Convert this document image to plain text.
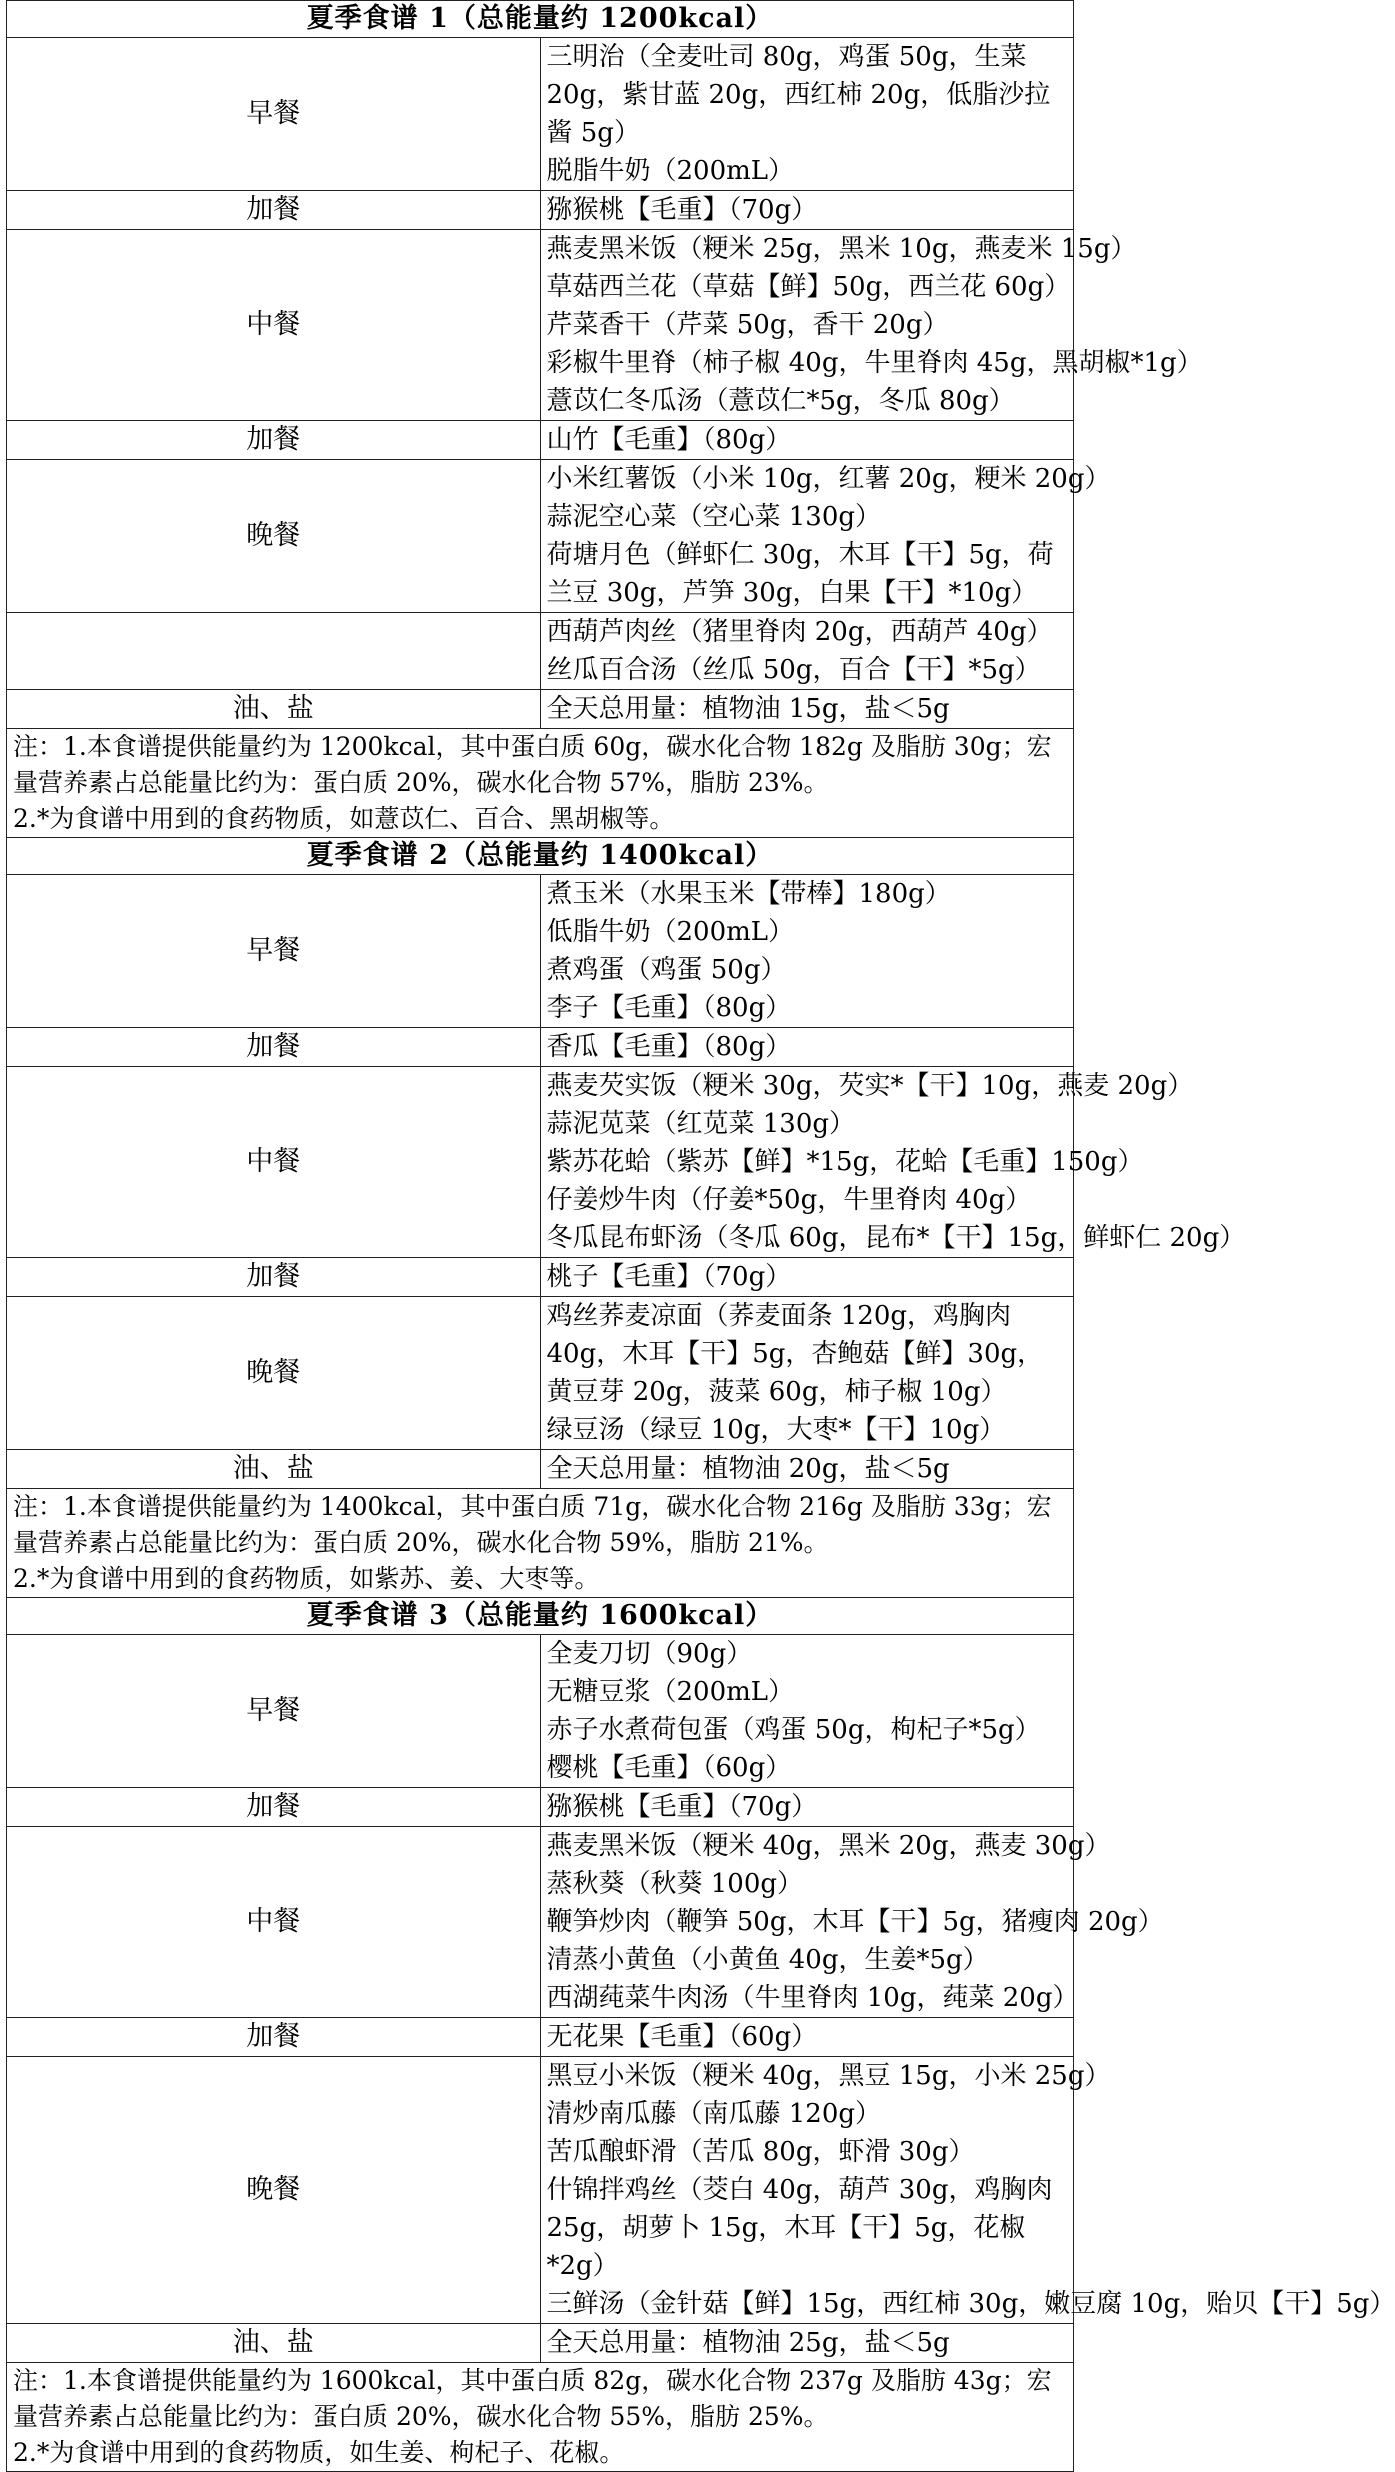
夏季食谱 1（总能量约 1200kcal）	
早餐	三明治（全麦吐司 80g，鸡蛋 50g，生菜 20g，紫甘蓝 20g，西红柿 20g，低脂沙拉酱 5g）
脱脂牛奶（200mL）

加餐	猕猴桃【毛重】（70g）

中餐	燕麦黑米饭（粳米 25g，黑米 10g，燕麦米 15g）
草菇西兰花（草菇【鲜】50g，西兰花 60g）
芹菜香干（芹菜 50g，香干 20g）
彩椒牛里脊（柿子椒 40g，牛里脊肉 45g，黑胡椒*1g）
薏苡仁冬瓜汤（薏苡仁*5g，冬瓜 80g）

加餐	山竹【毛重】（80g）

晚餐	小米红薯饭（小米 10g，红薯 20g，粳米 20g）
蒜泥空心菜（空心菜 130g）
荷塘月色（鲜虾仁 30g，木耳【干】5g，荷兰豆 30g，芦笋 30g，白果【干】*10g）

	西葫芦肉丝（猪里脊肉 20g，西葫芦 40g）
丝瓜百合汤（丝瓜 50g，百合【干】*5g）

油、盐	全天总用量：植物油 15g，盐＜5g

注：1.本食谱提供能量约为 1200kcal，其中蛋白质 60g，碳水化合物 182g 及脂肪 30g；宏量营养素占总能量比约为：蛋白质 20%，碳水化合物 57%，脂肪 23%。
2.*为食谱中用到的食药物质，如薏苡仁、百合、黑胡椒等。	

夏季食谱 2（总能量约 1400kcal）	
早餐	煮玉米（水果玉米【带棒】180g）
低脂牛奶（200mL）
煮鸡蛋（鸡蛋 50g）
李子【毛重】（80g）

加餐	香瓜【毛重】（80g）

中餐	燕麦芡实饭（粳米 30g，芡实*【干】10g，燕麦 20g）
蒜泥苋菜（红苋菜 130g）
紫苏花蛤（紫苏【鲜】*15g，花蛤【毛重】150g）
仔姜炒牛肉（仔姜*50g，牛里脊肉 40g）
冬瓜昆布虾汤（冬瓜 60g，昆布*【干】15g，鲜虾仁 20g）

加餐	桃子【毛重】（70g）

晚餐	鸡丝荞麦凉面（荞麦面条 120g，鸡胸肉 40g，木耳【干】5g，杏鲍菇【鲜】30g，黄豆芽 20g，菠菜 60g，柿子椒 10g）
绿豆汤（绿豆 10g，大枣*【干】10g）

油、盐	全天总用量：植物油 20g，盐＜5g

注：1.本食谱提供能量约为 1400kcal，其中蛋白质 71g，碳水化合物 216g 及脂肪 33g；宏量营养素占总能量比约为：蛋白质 20%，碳水化合物 59%，脂肪 21%。
2.*为食谱中用到的食药物质，如紫苏、姜、大枣等。	

夏季食谱 3（总能量约 1600kcal）	
早餐	全麦刀切（90g）
无糖豆浆（200mL）
赤子水煮荷包蛋（鸡蛋 50g，枸杞子*5g）
樱桃【毛重】（60g）

加餐	猕猴桃【毛重】（70g）

中餐	燕麦黑米饭（粳米 40g，黑米 20g，燕麦 30g）
蒸秋葵（秋葵 100g）
鞭笋炒肉（鞭笋 50g，木耳【干】5g，猪瘦肉 20g）
清蒸小黄鱼（小黄鱼 40g，生姜*5g）
西湖莼菜牛肉汤（牛里脊肉 10g，莼菜 20g）

加餐	无花果【毛重】（60g）

晚餐	黑豆小米饭（粳米 40g，黑豆 15g，小米 25g）
清炒南瓜藤（南瓜藤 120g）
苦瓜酿虾滑（苦瓜 80g，虾滑 30g）
什锦拌鸡丝（茭白 40g，葫芦 30g，鸡胸肉 25g，胡萝卜 15g，木耳【干】5g，花椒*2g）
三鲜汤（金针菇【鲜】15g，西红柿 30g，嫩豆腐 10g，贻贝【干】5g）

油、盐	全天总用量：植物油 25g，盐＜5g

注：1.本食谱提供能量约为 1600kcal，其中蛋白质 82g，碳水化合物 237g 及脂肪 43g；宏量营养素占总能量比约为：蛋白质 20%，碳水化合物 55%，脂肪 25%。
2.*为食谱中用到的食药物质，如生姜、枸杞子、花椒。	
